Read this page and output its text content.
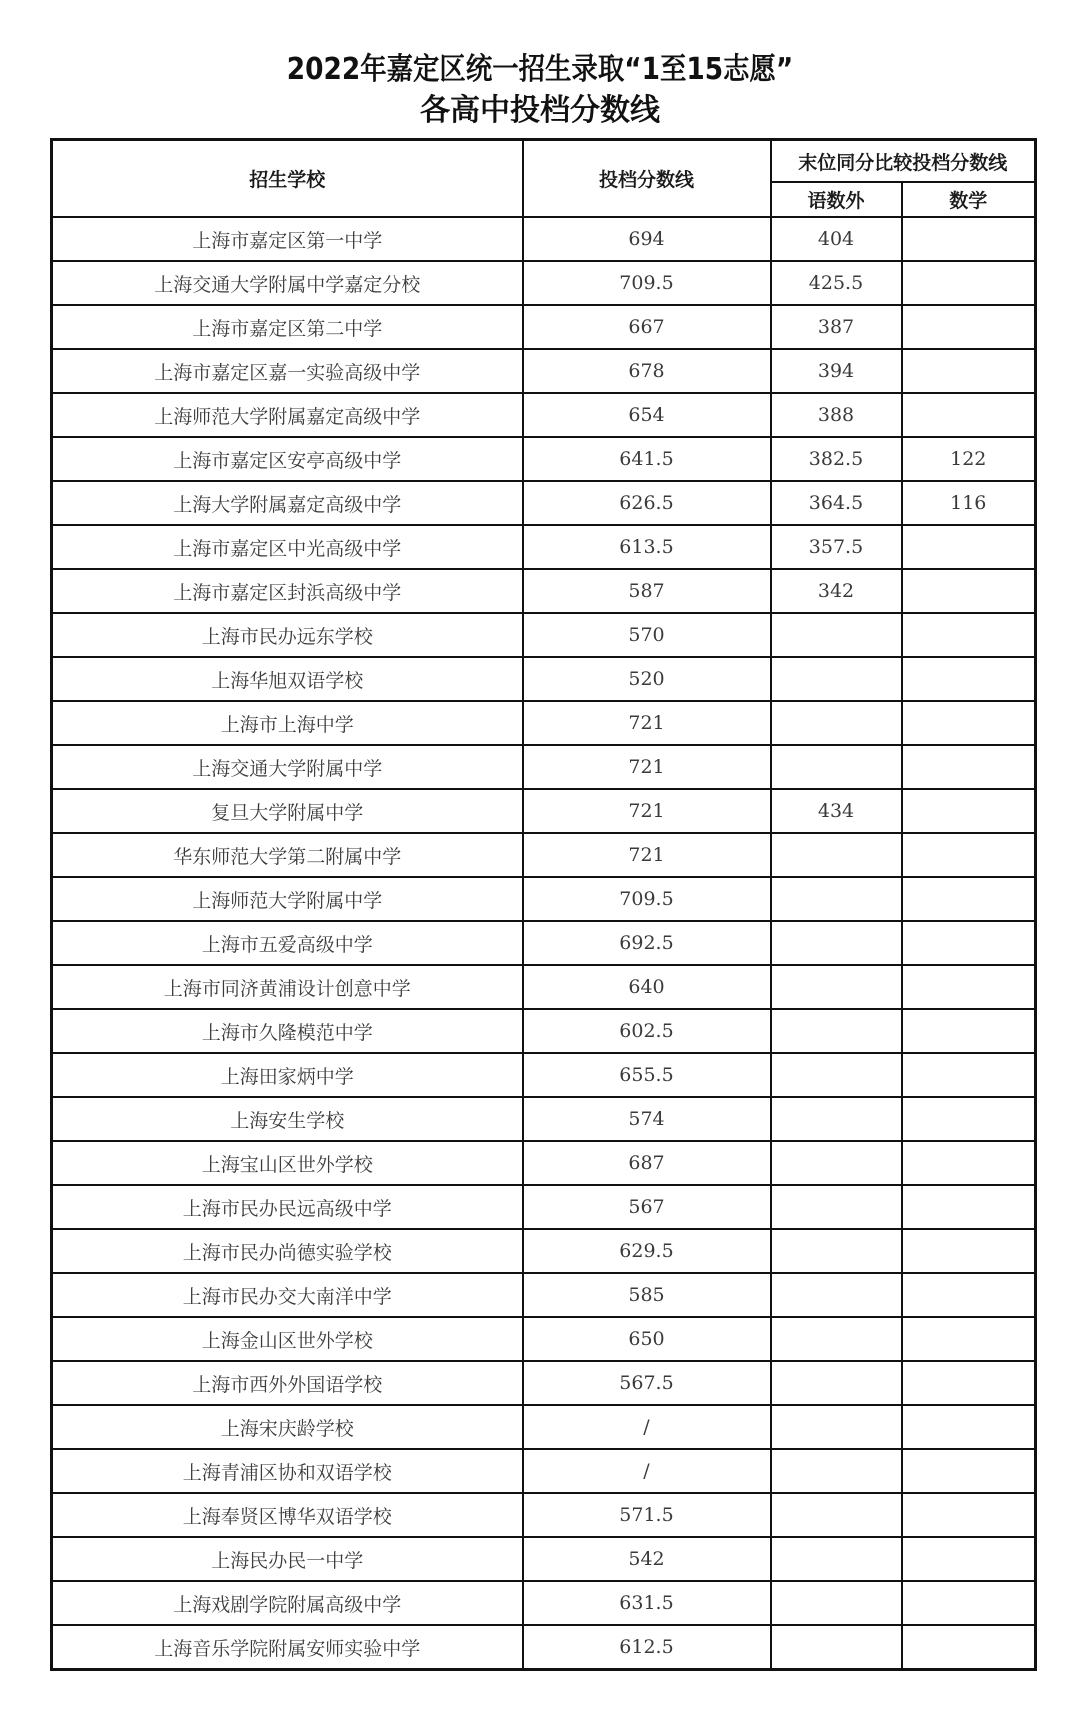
2022年嘉定区统一招生录取“1至15志愿”
各高中投档分数线
招生学校	投档分数线	末位同分比较投档分数线	
		语数外	数学
上海市嘉定区第一中学	694	404	
上海交通大学附属中学嘉定分校	709.5	425.5	
上海市嘉定区第二中学	667	387	
上海市嘉定区嘉一实验高级中学	678	394	
上海师范大学附属嘉定高级中学	654	388	
上海市嘉定区安亭高级中学	641.5	382.5	122
上海大学附属嘉定高级中学	626.5	364.5	116
上海市嘉定区中光高级中学	613.5	357.5	
上海市嘉定区封浜高级中学	587	342	
上海市民办远东学校	570		
上海华旭双语学校	520		
上海市上海中学	721		
上海交通大学附属中学	721		
复旦大学附属中学	721	434	
华东师范大学第二附属中学	721		
上海师范大学附属中学	709.5		
上海市五爱高级中学	692.5		
上海市同济黄浦设计创意中学	640		
上海市久隆模范中学	602.5		
上海田家炳中学	655.5		
上海安生学校	574		
上海宝山区世外学校	687		
上海市民办民远高级中学	567		
上海市民办尚德实验学校	629.5		
上海市民办交大南洋中学	585		
上海金山区世外学校	650		
上海市西外外国语学校	567.5		
上海宋庆龄学校	/		
上海青浦区协和双语学校	/		
上海奉贤区博华双语学校	571.5		
上海民办民一中学	542		
上海戏剧学院附属高级中学	631.5		
上海音乐学院附属安师实验中学	612.5		
